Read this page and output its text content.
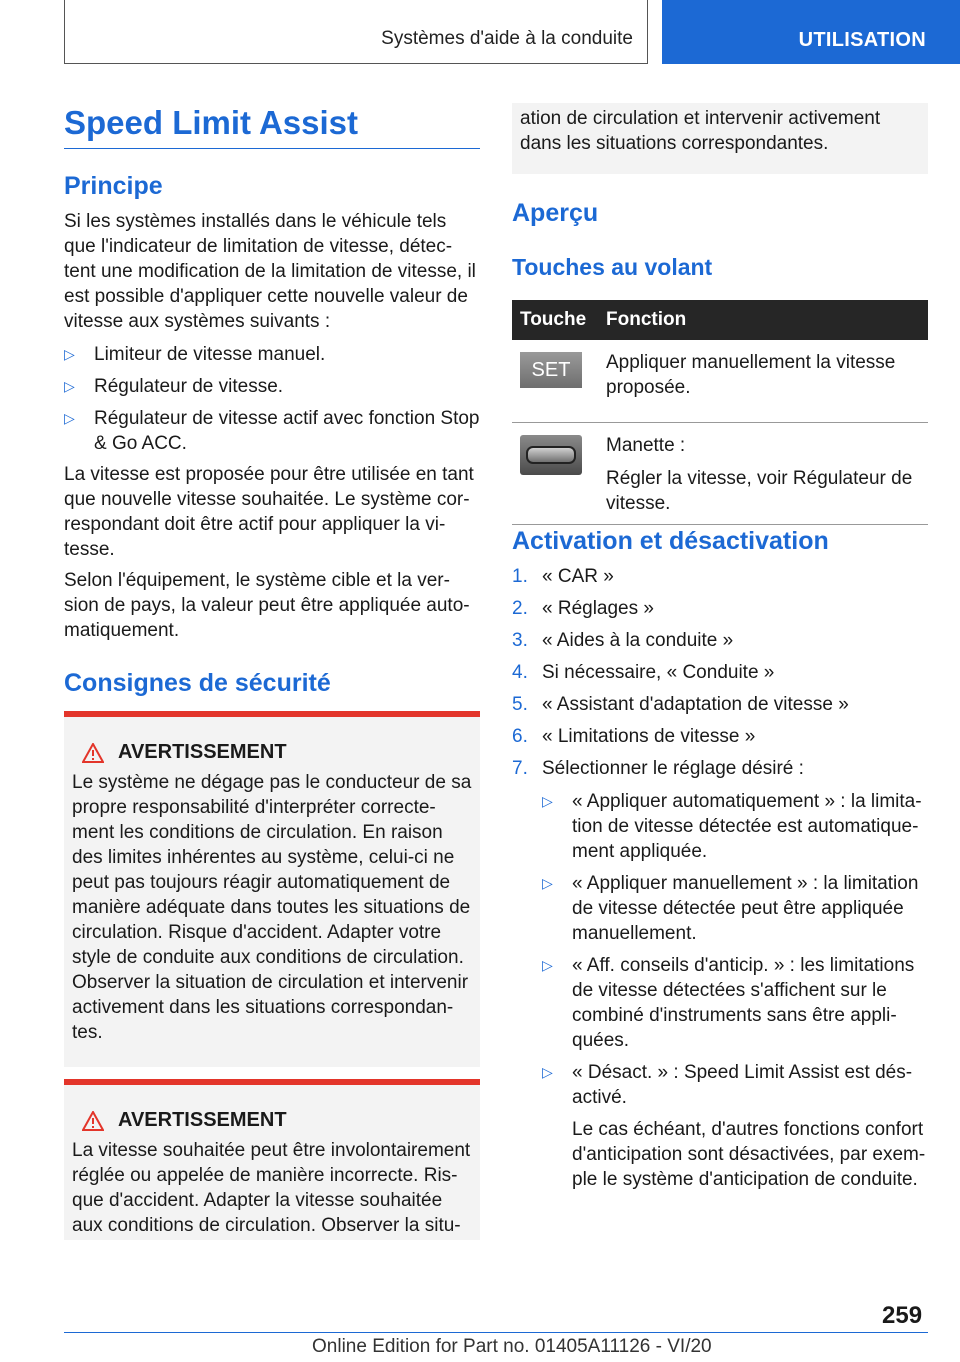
Systèmes d'aide à la conduite	UTILISATION
Speed Limit Assist
Principe

Si les systèmes installés dans le véhicule tels que l'indicateur de limitation de vitesse, détec- tent une modification de la limitation de vitesse, il est possible d'appliquer cette nouvelle valeur de vitesse aux systèmes suivants :

▷ Limiteur de vitesse manuel.
▷ Régulateur de vitesse.
▷ Régulateur de vitesse actif avec fonction Stop & Go ACC.

La vitesse est proposée pour être utilisée en tant que nouvelle vitesse souhaitée. Le système cor- respondant doit être actif pour appliquer la vi- tesse.

Selon l'équipement, le système cible et la ver- sion de pays, la valeur peut être appliquée auto- matiquement.

Consignes de sécurité
AVERTISSEMENT

Le système ne dégage pas le conducteur de sa propre responsabilité d'interpréter correcte- ment les conditions de circulation. En raison des limites inhérentes au système, celui-ci ne peut pas toujours réagir automatiquement de manière adéquate dans toutes les situations de circulation. Risque d'accident. Adapter votre style de conduite aux conditions de circulation. Observer la situation de circulation et intervenir activement dans les situations correspondan- tes.

AVERTISSEMENT

La vitesse souhaitée peut être involontairement réglée ou appelée de manière incorrecte. Ris- que d'accident. Adapter la vitesse souhaitée aux conditions de circulation. Observer la situ-

ation de circulation et intervenir activement dans les situations correspondantes.

Aperçu
Touches au volant
Touche	Fonction

SET	Appliquer manuellement la vitesse proposée.

	Manette :
Régler la vitesse, voir Régulateur de vitesse.
Activation et désactivation
1. « CAR »
2. « Réglages »
3. « Aides à la conduite »
4. Si nécessaire, « Conduite »
5. « Assistant d'adaptation de vitesse »
6. « Limitations de vitesse »
7. Sélectionner le réglage désiré :
▷ « Appliquer automatiquement » : la limita- tion de vitesse détectée est automatique- ment appliquée.
▷ « Appliquer manuellement » : la limitation de vitesse détectée peut être appliquée manuellement.
▷ « Aff. conseils d'anticip. » : les limitations de vitesse détectées s'affichent sur le combiné d'instruments sans être appli- quées.
▷ « Désact. » : Speed Limit Assist est dés- activé.
Le cas échéant, d'autres fonctions confort d'anticipation sont désactivées, par exem- ple le système d'anticipation de conduite.
259
Online Edition for Part no. 01405A11126 - VI/20
